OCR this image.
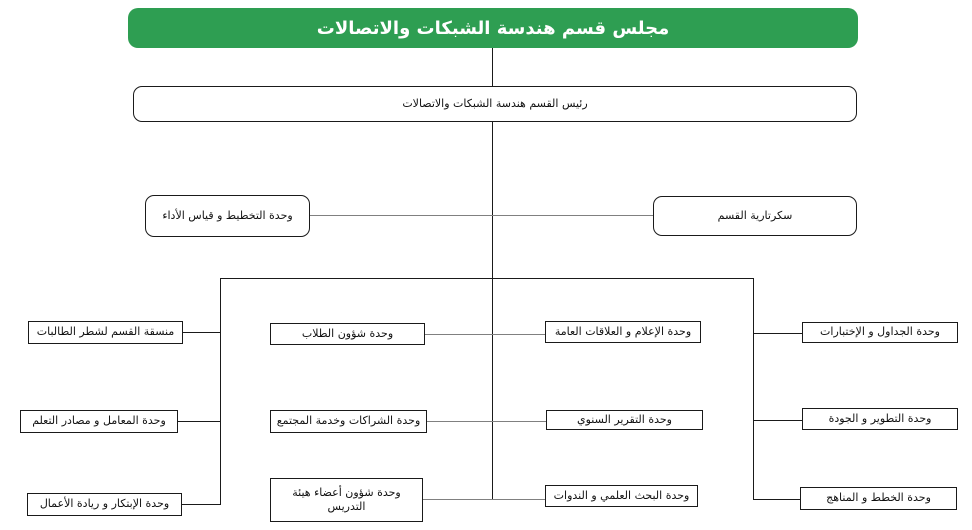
مجلس قسم هندسة الشبكات والاتصالات
رئيس القسم هندسة الشبكات والاتصالات
وحدة التخطيط و قياس الأداء	سكرتارية القسم
منسقة القسم لشطر الطالبات
وحدة المعامل و مصادر التعلم
وحدة الإبتكار و ريادة الأعمال
وحدة شؤون الطلاب
وحدة الشراكات وخدمة المجتمع
وحدة شؤون أعضاء هيئة التدريس
وحدة الإعلام و العلاقات العامة
وحدة التقرير السنوي
وحدة البحث العلمي و الندوات
وحدة الجداول و الإختبارات
وحدة التطوير و الجودة
وحدة الخطط و المناهج
